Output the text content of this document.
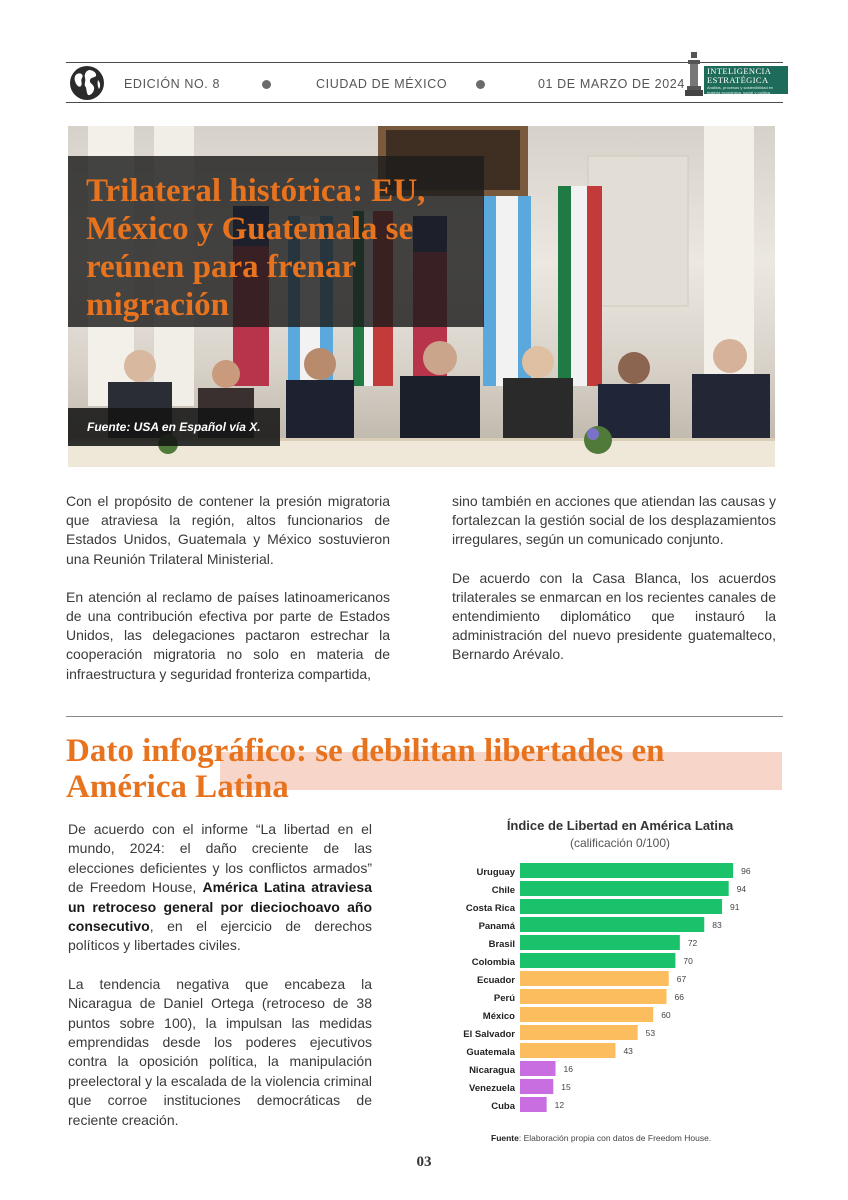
EDICIÓN NO. 8	CIUDAD DE MÉXICO	01 DE MARZO DE 2024
INTELIGENCIA
ESTRATÉGICA
Análisis, procesos y sostenibilidad en materia económica, social y política
Trilateral histórica: EU, México y Guatemala se reúnen para frenar migración
Fuente: USA en Español vía X.

Con el propósito de contener la presión migratoria que atraviesa la región, altos funcionarios de Estados Unidos, Guatemala y México sostuvieron una Reunión Trilateral Ministerial.

En atención al reclamo de países latinoamericanos de una contribución efectiva por parte de Estados Unidos, las delegaciones pactaron estrechar la cooperación migratoria no solo en materia de infraestructura y seguridad fronteriza compartida,

sino también en acciones que atiendan las causas y fortalezcan la gestión social de los desplazamientos irregulares, según un comunicado conjunto.

De acuerdo con la Casa Blanca, los acuerdos trilaterales se enmarcan en los recientes canales de entendimiento diplomático que instauró la administración del nuevo presidente guatemalteco, Bernardo Arévalo.

Dato infográfico: se debilitan libertades en América Latina

De acuerdo con el informe “La libertad en el mundo, 2024: el daño creciente de las elecciones deficientes y los conflictos armados” de Freedom House, América Latina atraviesa un retroceso general por dieciochoavo año consecutivo, en el ejercicio de derechos políticos y libertades civiles.

La tendencia negativa que encabeza la Nicaragua de Daniel Ortega (retroceso de 38 puntos sobre 100), la impulsan las medidas emprendidas desde los poderes ejecutivos contra la oposición política, la manipulación preelectoral y la escalada de la violencia criminal que corroe instituciones democráticas de reciente creación.

Índice de Libertad en América Latina
(calificación 0/100)
Uruguay	96
Chile	94
Costa Rica	91
Panamá	83
Brasil	72
Colombia	70
Ecuador	67
Perú	66
México	60
El Salvador	53
Guatemala	43
Nicaragua	16
Venezuela	15
Cuba	12
Fuente: Elaboración propia con datos de Freedom House.
03
